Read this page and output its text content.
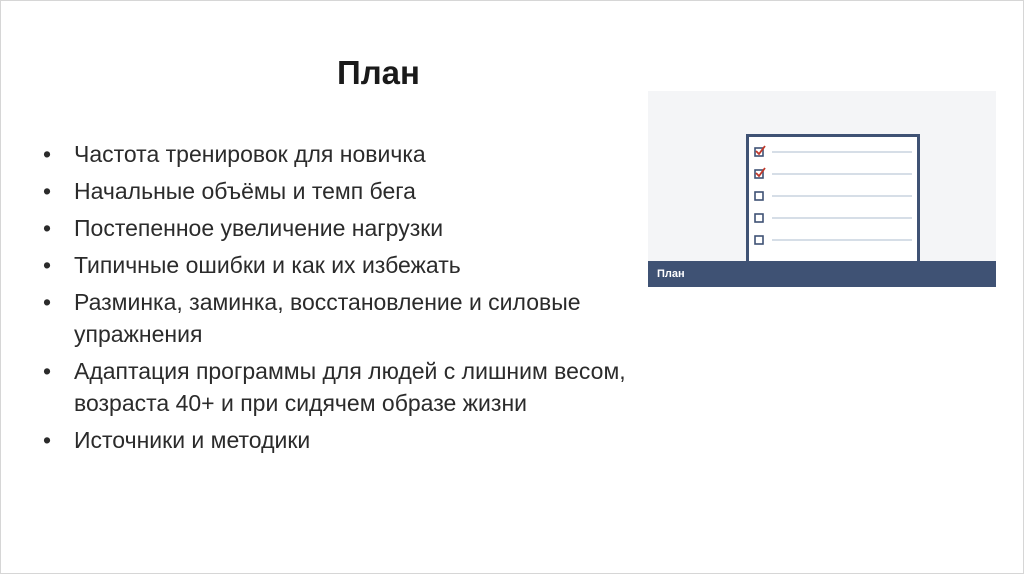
План
• Частота тренировок для новичка
• Начальные объёмы и темп бега
• Постепенное увеличение нагрузки
• Типичные ошибки и как их избежать
• Разминка, заминка, восстановление и силовые упражнения
• Адаптация программы для людей с лишним весом, возраста 40+ и при сидячем образе жизни
• Источники и методики
План
